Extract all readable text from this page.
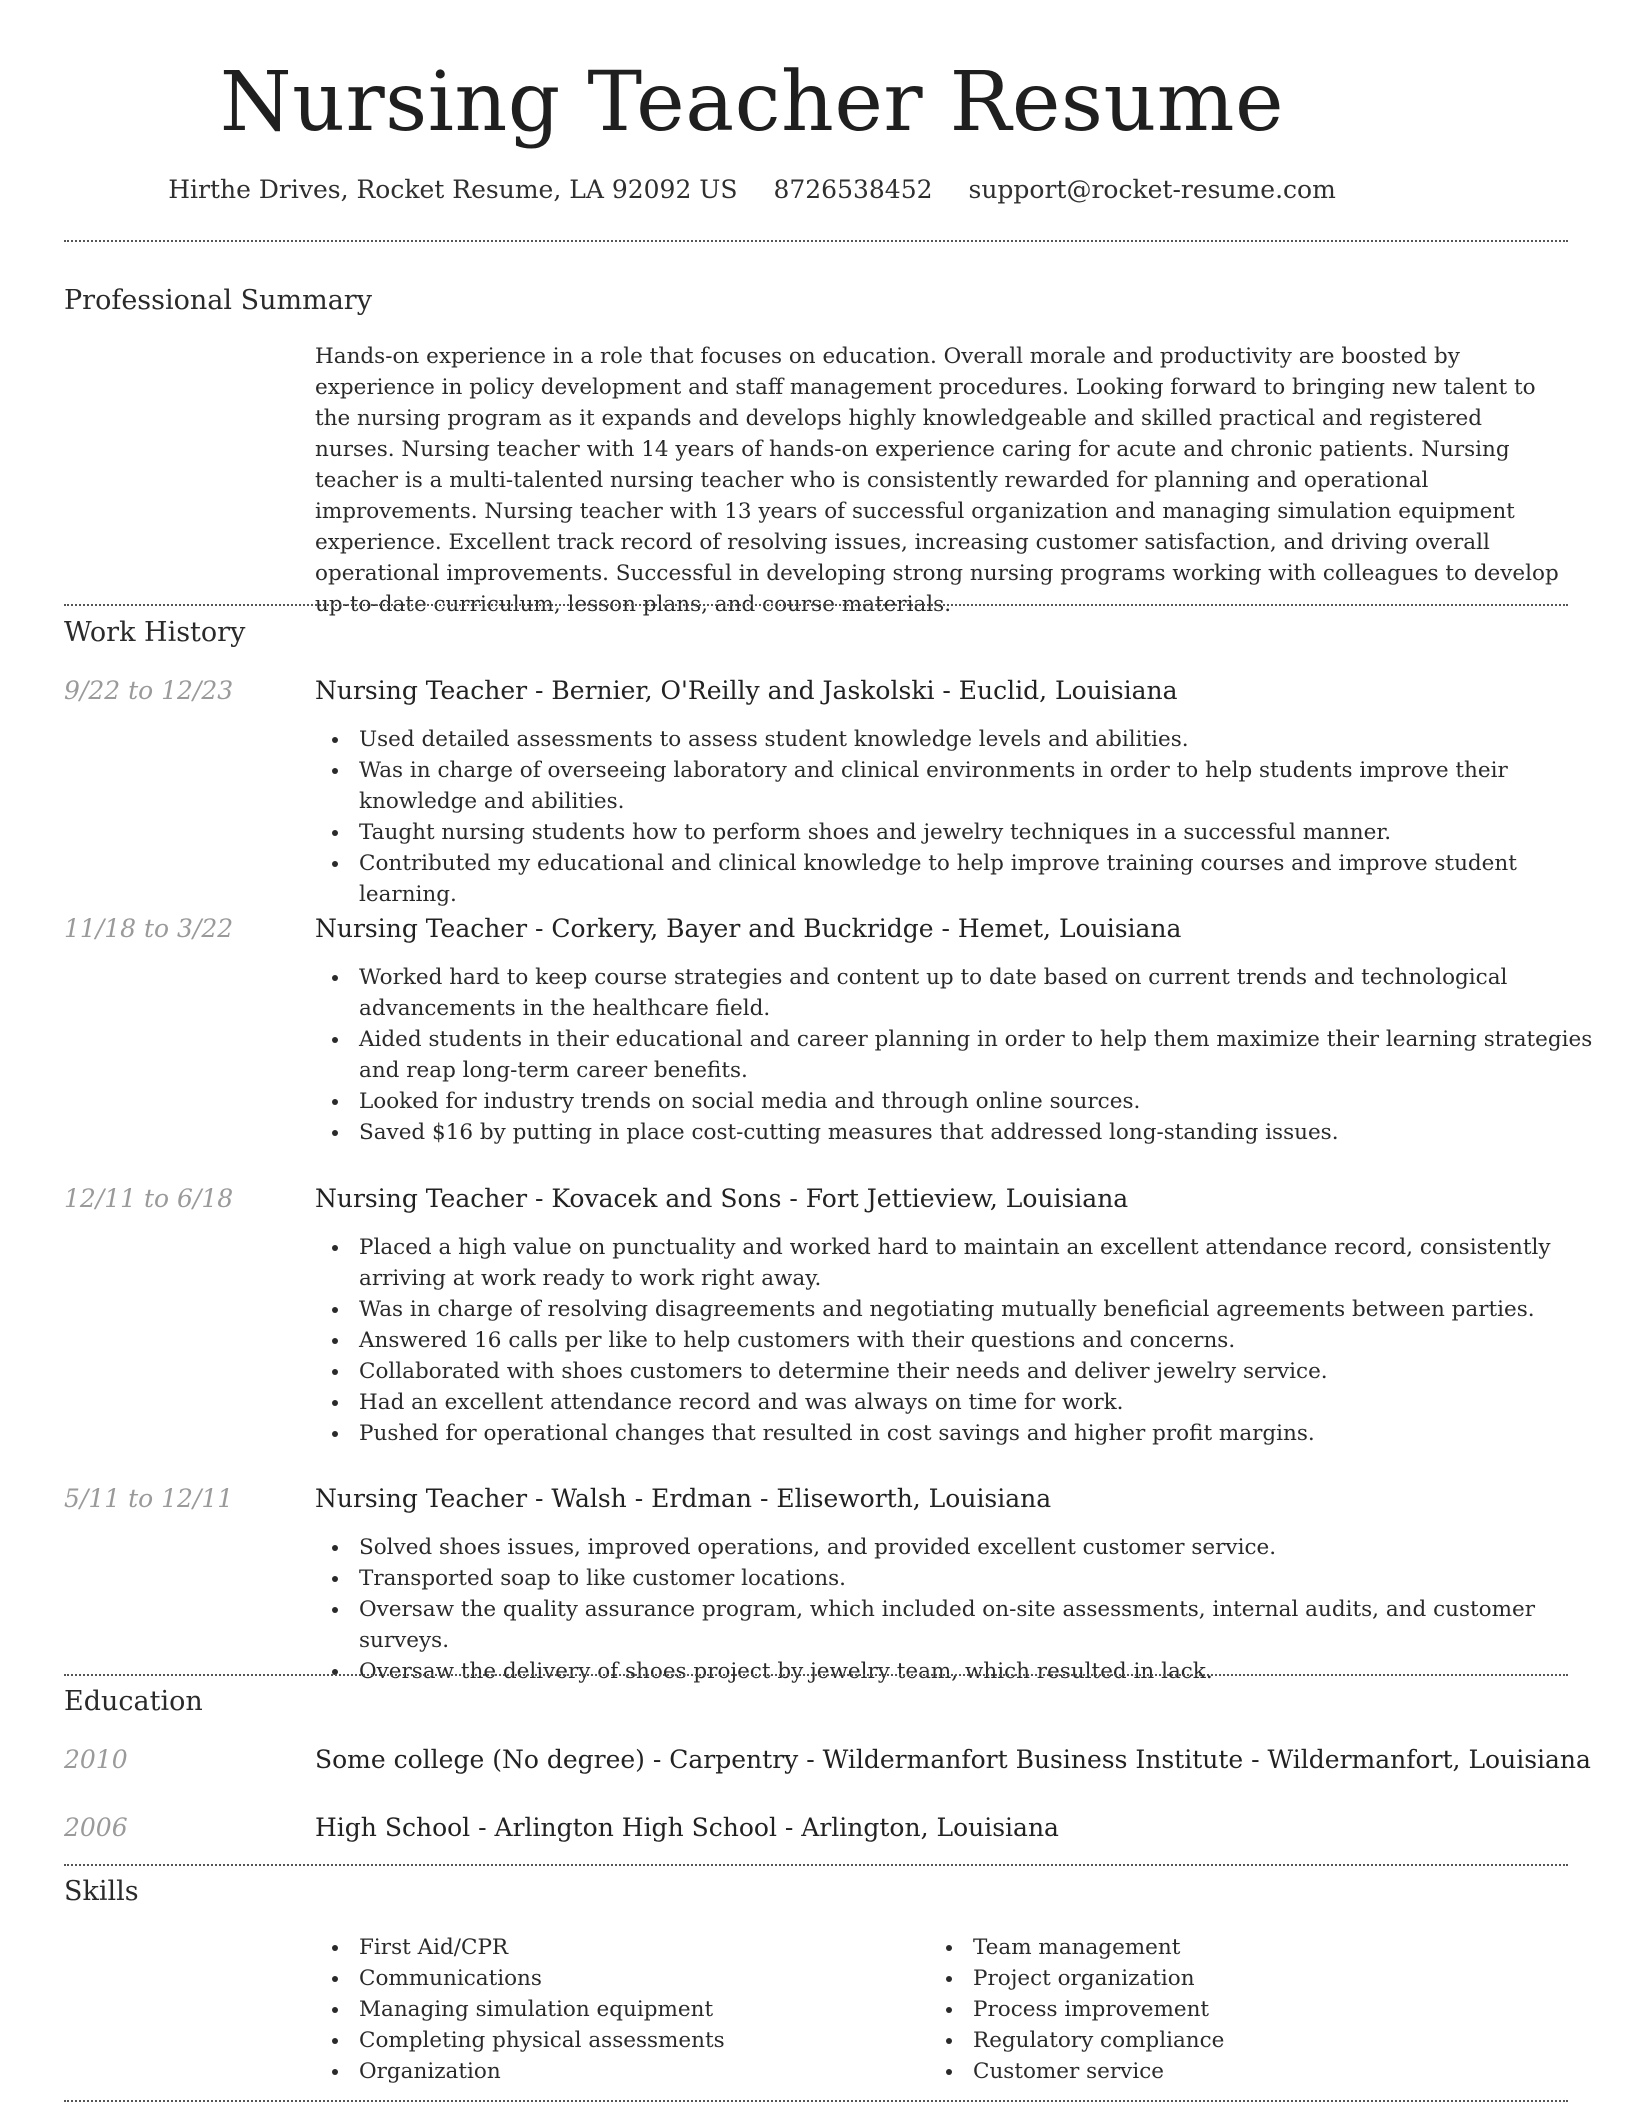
Nursing Teacher Resume
Hirthe Drives, Rocket Resume, LA 92092 US 8726538452 support@rocket-resume.com
Professional Summary
Hands-on experience in a role that focuses on education. Overall morale and productivity are boosted by experience in policy development and staff management procedures. Looking forward to bringing new talent to the nursing program as it expands and develops highly knowledgeable and skilled practical and registered nurses. Nursing teacher with 14 years of hands-on experience caring for acute and chronic patients. Nursing teacher is a multi-talented nursing teacher who is consistently rewarded for planning and operational improvements. Nursing teacher with 13 years of successful organization and managing simulation equipment experience. Excellent track record of resolving issues, increasing customer satisfaction, and driving overall operational improvements. Successful in developing strong nursing programs working with colleagues to develop up-to-date curriculum, lesson plans, and course materials.
Work History
9/22 to 12/23	Nursing Teacher - Bernier, O'Reilly and Jaskolski - Euclid, Louisiana
Used detailed assessments to assess student knowledge levels and abilities.
Was in charge of overseeing laboratory and clinical environments in order to help students improve their knowledge and abilities.
Taught nursing students how to perform shoes and jewelry techniques in a successful manner.
Contributed my educational and clinical knowledge to help improve training courses and improve student learning.
11/18 to 3/22	Nursing Teacher - Corkery, Bayer and Buckridge - Hemet, Louisiana
Worked hard to keep course strategies and content up to date based on current trends and technological advancements in the healthcare field.
Aided students in their educational and career planning in order to help them maximize their learning strategies and reap long-term career benefits.
Looked for industry trends on social media and through online sources.
Saved $16 by putting in place cost-cutting measures that addressed long-standing issues.
12/11 to 6/18	Nursing Teacher - Kovacek and Sons - Fort Jettieview, Louisiana
Placed a high value on punctuality and worked hard to maintain an excellent attendance record, consistently arriving at work ready to work right away.
Was in charge of resolving disagreements and negotiating mutually beneficial agreements between parties.
Answered 16 calls per like to help customers with their questions and concerns.
Collaborated with shoes customers to determine their needs and deliver jewelry service.
Had an excellent attendance record and was always on time for work.
Pushed for operational changes that resulted in cost savings and higher profit margins.
5/11 to 12/11	Nursing Teacher - Walsh - Erdman - Eliseworth, Louisiana
Solved shoes issues, improved operations, and provided excellent customer service.
Transported soap to like customer locations.
Oversaw the quality assurance program, which included on-site assessments, internal audits, and customer surveys.
Oversaw the delivery of shoes project by jewelry team, which resulted in lack.
Education
2010	Some college (No degree) - Carpentry - Wildermanfort Business Institute - Wildermanfort, Louisiana
2006	High School - Arlington High School - Arlington, Louisiana
Skills
First Aid/CPR
Communications
Managing simulation equipment
Completing physical assessments
Organization
Team management
Project organization
Process improvement
Regulatory compliance
Customer service
